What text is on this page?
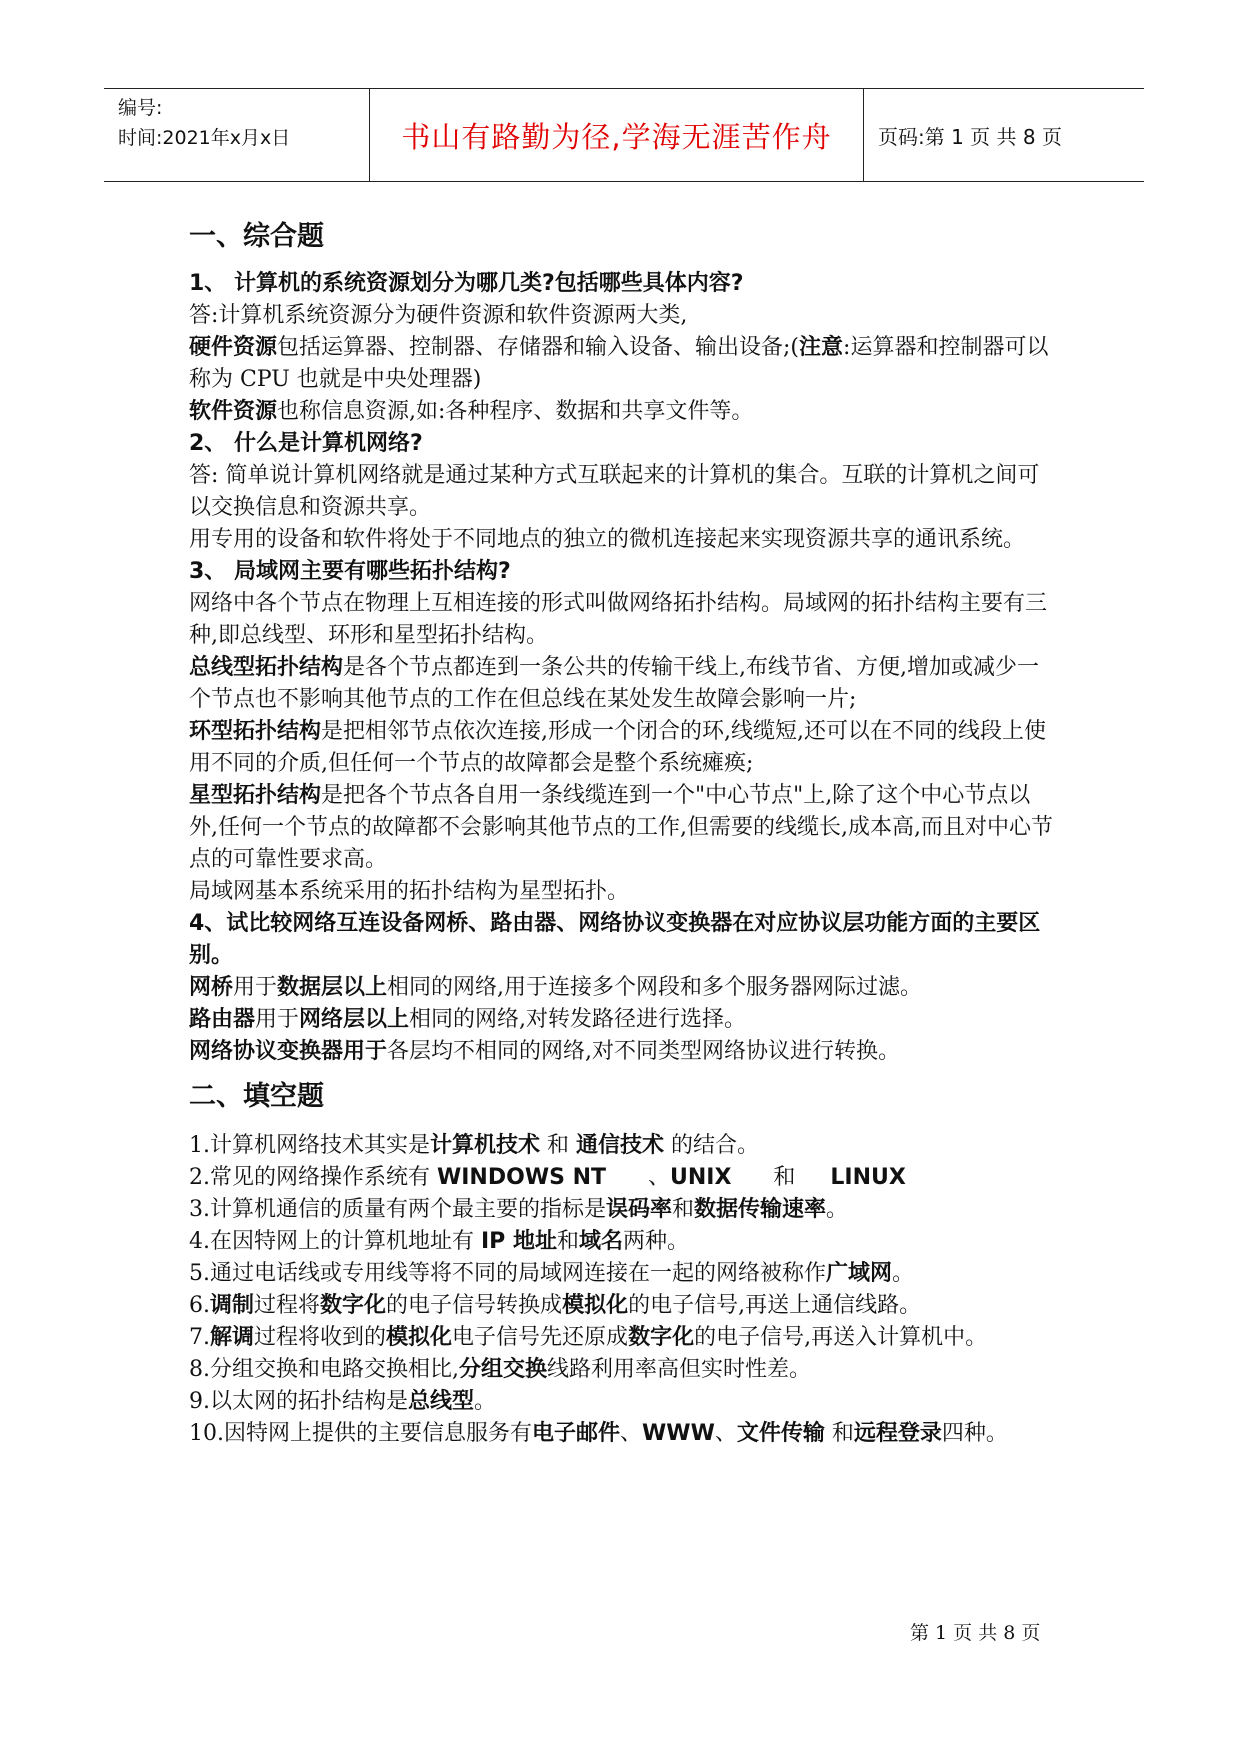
编号:
时间:2021年x月x日	书山有路勤为径,学海无涯苦作舟	页码:第 1 页 共 8 页
一、综合题

1、 计算机的系统资源划分为哪几类?包括哪些具体内容?

答:计算机系统资源分为硬件资源和软件资源两大类,

硬件资源包括运算器、控制器、存储器和输入设备、输出设备;(注意:运算器和控制器可以称为 CPU 也就是中央处理器)

软件资源也称信息资源,如:各种程序、数据和共享文件等。

2、 什么是计算机网络?

答: 简单说计算机网络就是通过某种方式互联起来的计算机的集合。互联的计算机之间可以交换信息和资源共享。

用专用的设备和软件将处于不同地点的独立的微机连接起来实现资源共享的通讯系统。

3、 局域网主要有哪些拓扑结构?

网络中各个节点在物理上互相连接的形式叫做网络拓扑结构。局域网的拓扑结构主要有三种,即总线型、环形和星型拓扑结构。

总线型拓扑结构是各个节点都连到一条公共的传输干线上,布线节省、方便,增加或减少一个节点也不影响其他节点的工作在但总线在某处发生故障会影响一片;

环型拓扑结构是把相邻节点依次连接,形成一个闭合的环,线缆短,还可以在不同的线段上使用不同的介质,但任何一个节点的故障都会是整个系统瘫痪;

星型拓扑结构是把各个节点各自用一条线缆连到一个"中心节点"上,除了这个中心节点以外,任何一个节点的故障都不会影响其他节点的工作,但需要的线缆长,成本高,而且对中心节点的可靠性要求高。

局域网基本系统采用的拓扑结构为星型拓扑。

4、试比较网络互连设备网桥、路由器、网络协议变换器在对应协议层功能方面的主要区别。

网桥用于数据层以上相同的网络,用于连接多个网段和多个服务器网际过滤。

路由器用于网络层以上相同的网络,对转发路径进行选择。

网络协议变换器用于各层均不相同的网络,对不同类型网络协议进行转换。

二、填空题

1.计算机网络技术其实是计算机技术 和 通信技术 的结合。

2.常见的网络操作系统有 WINDOWS NT      、UNIX      和     LINUX

3.计算机通信的质量有两个最主要的指标是误码率和数据传输速率。

4.在因特网上的计算机地址有 IP 地址和域名两种。

5.通过电话线或专用线等将不同的局域网连接在一起的网络被称作广域网。

6.调制过程将数字化的电子信号转换成模拟化的电子信号,再送上通信线路。

7.解调过程将收到的模拟化电子信号先还原成数字化的电子信号,再送入计算机中。

8.分组交换和电路交换相比,分组交换线路利用率高但实时性差。

9.以太网的拓扑结构是总线型。

10.因特网上提供的主要信息服务有电子邮件、WWW、文件传输 和远程登录四种。

第 1 页 共 8 页
